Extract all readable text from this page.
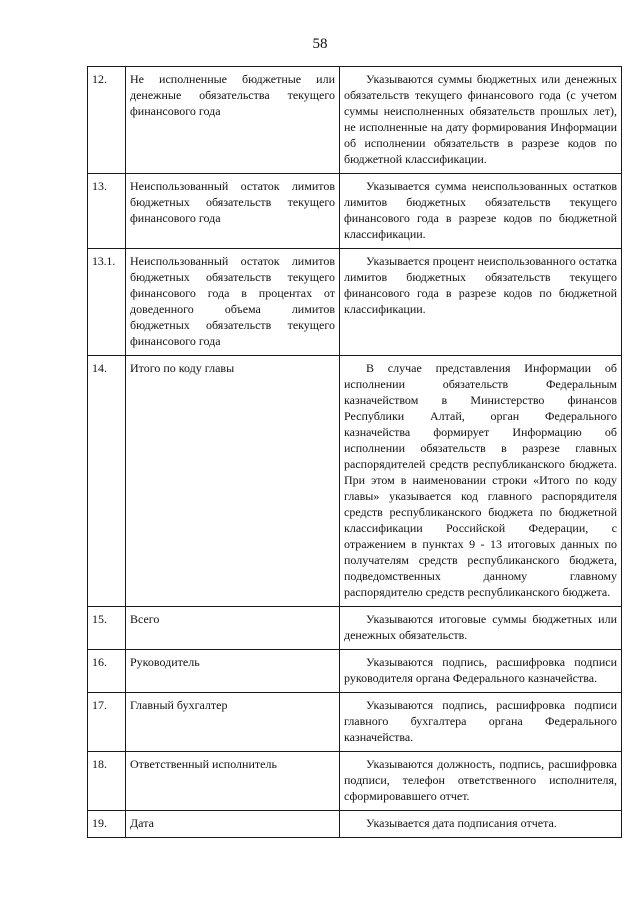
58
12.	Не исполненные бюджетные или денежные обязательства текущего финансового года	Указываются суммы бюджетных или денежных обязательств текущего финансового года (с учетом суммы неисполненных обязательств прошлых лет), не исполненные на дату формирования Информации об исполнении обязательств в разрезе кодов по бюджетной классификации.
13.	Неиспользованный остаток лимитов бюджетных обязательств текущего финансового года	Указывается сумма неиспользованных остатков лимитов бюджетных обязательств текущего финансового года в разрезе кодов по бюджетной классификации.
13.1.	Неиспользованный остаток лимитов бюджетных обязательств текущего финансового года в процентах от доведенного объема лимитов бюджетных обязательств текущего финансового года	Указывается процент неиспользованного остатка лимитов бюджетных обязательств текущего финансового года в разрезе кодов по бюджетной классификации.
14.	Итого по коду главы	В случае представления Информации об исполнении обязательств Федеральным казначейством в Министерство финансов Республики Алтай, орган Федерального казначейства формирует Информацию об исполнении обязательств в разрезе главных распорядителей средств республиканского бюджета. При этом в наименовании строки «Итого по коду главы» указывается код главного распорядителя средств республиканского бюджета по бюджетной классификации Российской Федерации, с отражением в пунктах 9 - 13 итоговых данных по получателям средств республиканского бюджета, подведомственных данному главному распорядителю средств республиканского бюджета.
15.	Всего	Указываются итоговые суммы бюджетных или денежных обязательств.
16.	Руководитель	Указываются подпись, расшифровка подписи руководителя органа Федерального казначейства.
17.	Главный бухгалтер	Указываются подпись, расшифровка подписи главного бухгалтера органа Федерального казначейства.
18.	Ответственный исполнитель	Указываются должность, подпись, расшифровка подписи, телефон ответственного исполнителя, сформировавшего отчет.
19.	Дата	Указывается дата подписания отчета.
